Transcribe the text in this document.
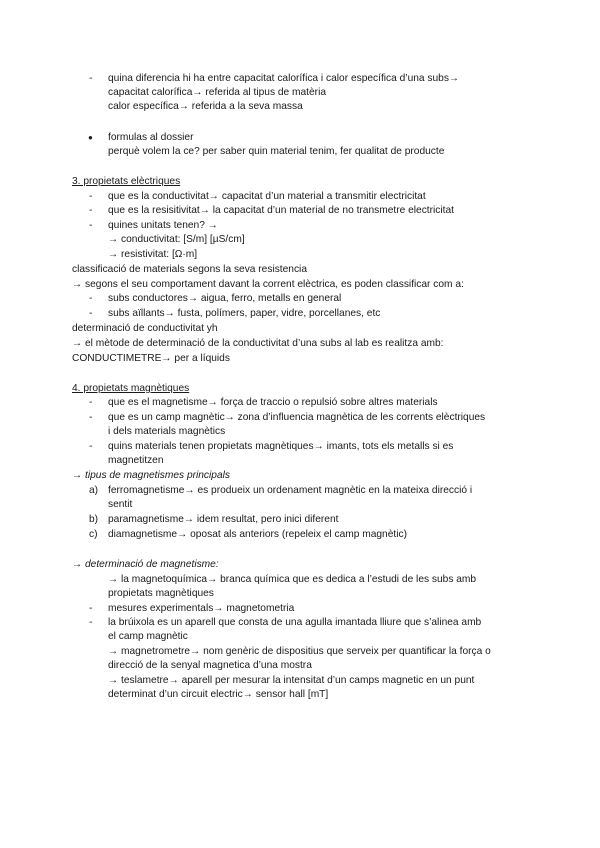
- quina diferencia hi ha entre capacitat calorífica i calor específica d’una subs→
capacitat calorífica→ referida al tipus de matèria
calor específica→ referida a la seva massa
● formulas al dossier
perquè volem la ce? per saber quin material tenim, fer qualitat de producte
3. propietats elèctriques
- que es la conductivitat→ capacitat d’un material a transmitir electricitat
- que es la resisitivitat→ la capacitat d’un material de no transmetre electricitat
- quines unitats tenen? →
→ conductivitat: [S/m] [µS/cm]
→ resistivitat: [Ω·m]
classificació de materials segons la seva resistencia
→ segons el seu comportament davant la corrent elèctrica, es poden classificar com a:
- subs conductores→ aigua, ferro, metalls en general
- subs aïllants→ fusta, polímers, paper, vidre, porcellanes, etc
determinació de conductivitat yh
→ el mètode de determinació de la conductivitat d’una subs al lab es realitza amb:
CONDUCTIMETRE→ per a líquids
4. propietats magnètiques
- que es el magnetisme→ força de traccio o repulsió sobre altres materials
- que es un camp magnètic→ zona d’influencia magnètica de les corrents elèctriques
i dels materials magnètics
- quins materials tenen propietats magnètiques→ imants, tots els metalls si es
magnetitzen
→ tipus de magnetismes principals
a) ferromagnetisme→ es produeix un ordenament magnètic en la mateixa direcció i
sentit
b) paramagnetisme→ idem resultat, pero inici diferent
c) diamagnetisme→ oposat als anteriors (repeleix el camp magnètic)
→ determinació de magnetisme:
→ la magnetoquímica→ branca química que es dedica a l’estudi de les subs amb
propietats magnètiques
- mesures experimentals→ magnetometria
- la brúixola es un aparell que consta de una agulla imantada lliure que s’alinea amb
el camp magnètic
→ magnetrometre→ nom genèric de dispositius que serveix per quantificar la força o
direcció de la senyal magnetica d’una mostra
→ teslametre→ aparell per mesurar la intensitat d’un camps magnetic en un punt
determinat d’un circuit electric→ sensor hall [mT]
